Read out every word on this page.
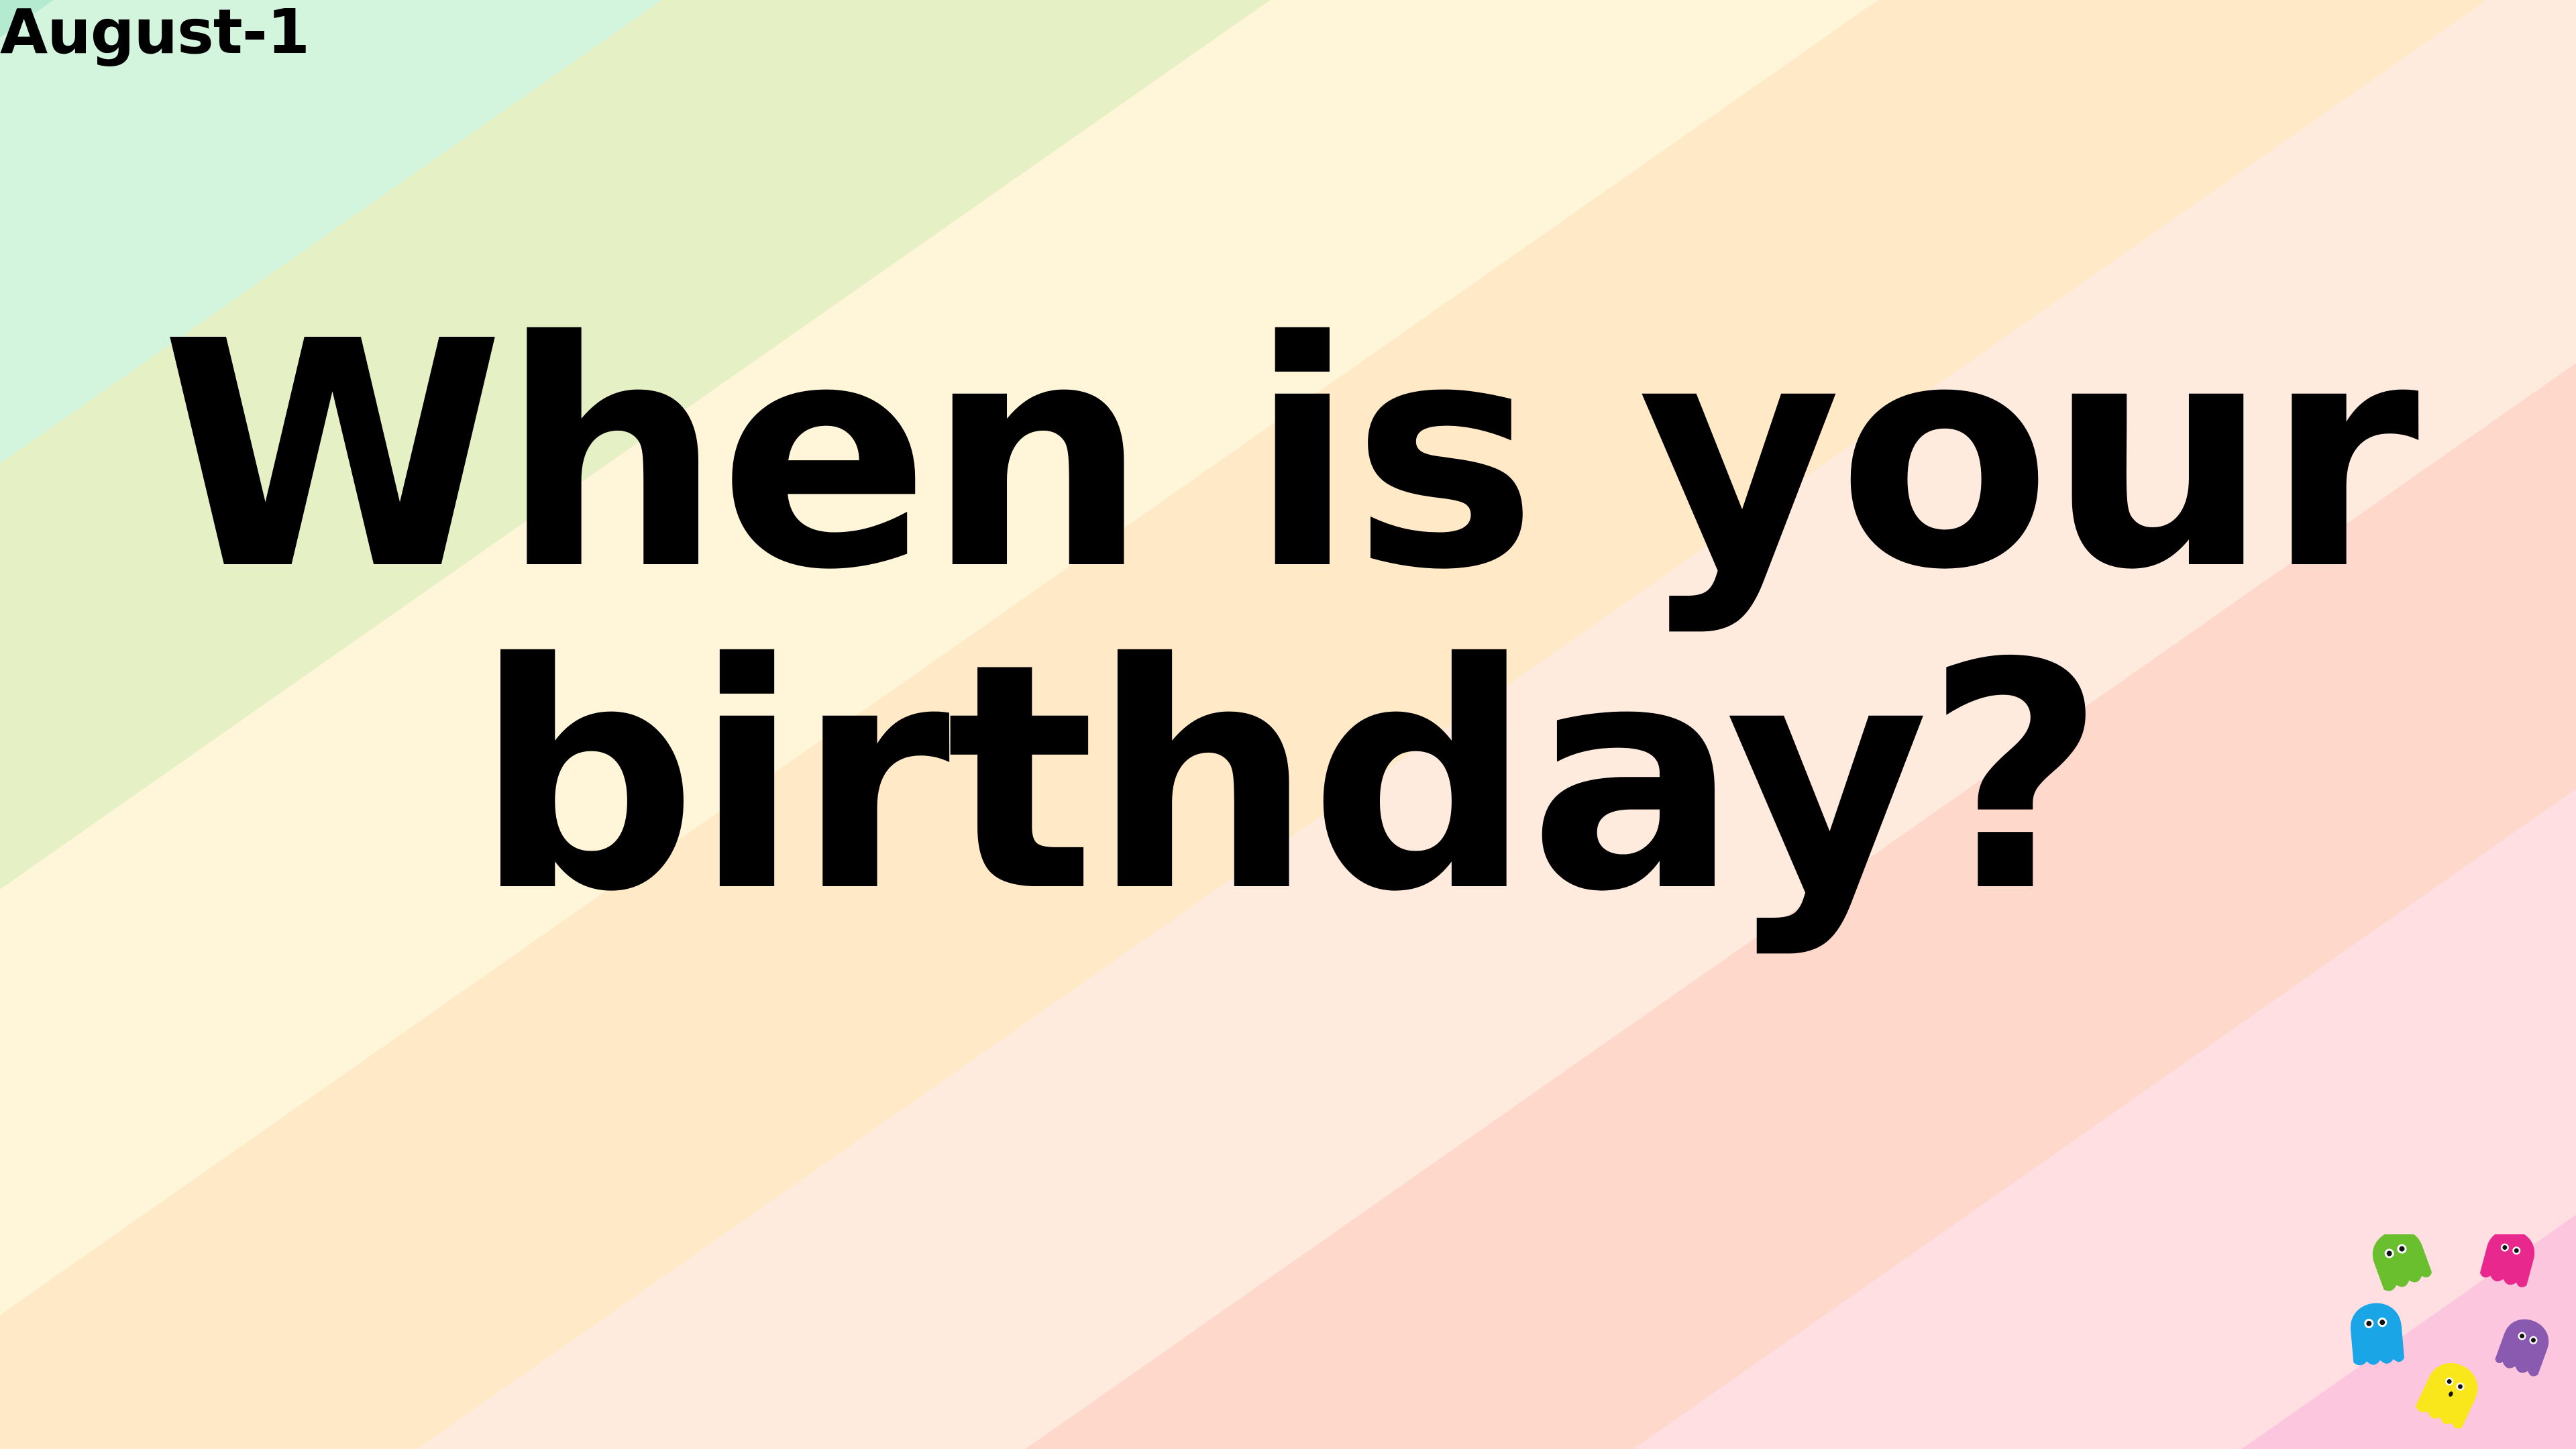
August-1
When is your
birthday?
